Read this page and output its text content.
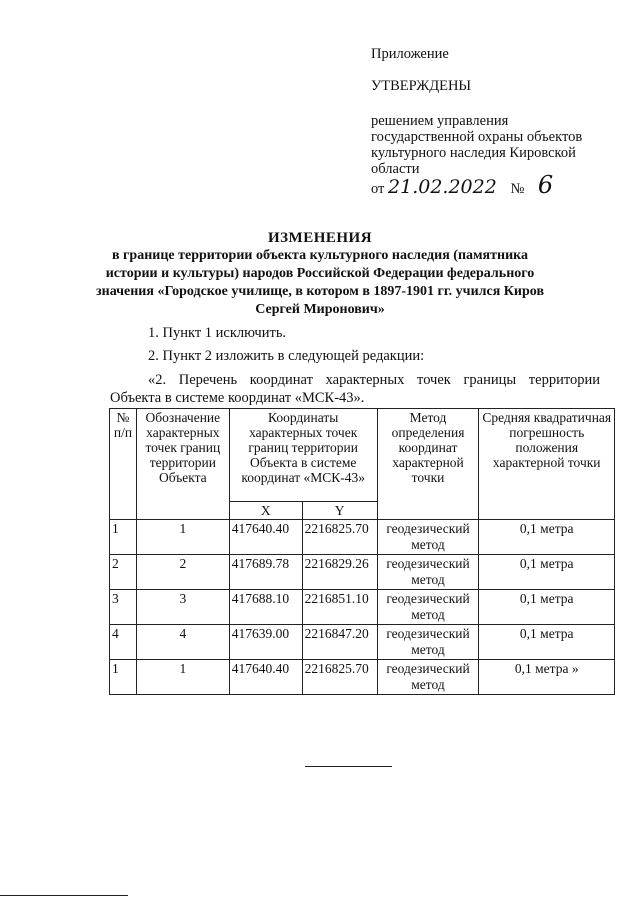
Приложение
УТВЕРЖДЕНЫ
решением управления
государственной охраны объектов
культурного наследия Кировской
области
от 21.02.2022 № 6
ИЗМЕНЕНИЯ
в границе территории объекта культурного наследия (памятника
истории и культуры) народов Российской Федерации федерального
значения «Городское училище, в котором в 1897-1901 гг. учился Киров
Сергей Миронович»
1. Пункт 1 исключить.
2. Пункт 2 изложить в следующей редакции:
«2. Перечень координат характерных точек границы территории
Объекта в системе координат «МСК-43».
№ п/п	Обозначение характерных точек границ территории Объекта	Координаты характерных точек границ территории Объекта в системе координат «МСК-43»		Метод определения координат характерной точки	Средняя квадратичная погрешность положения характерной точки
		X	Y		
1	1	417640.40	2216825.70	геодезический метод	0,1 метра
2	2	417689.78	2216829.26	геодезический метод	0,1 метра
3	3	417688.10	2216851.10	геодезический метод	0,1 метра
4	4	417639.00	2216847.20	геодезический метод	0,1 метра
1	1	417640.40	2216825.70	геодезический метод	0,1 метра »
